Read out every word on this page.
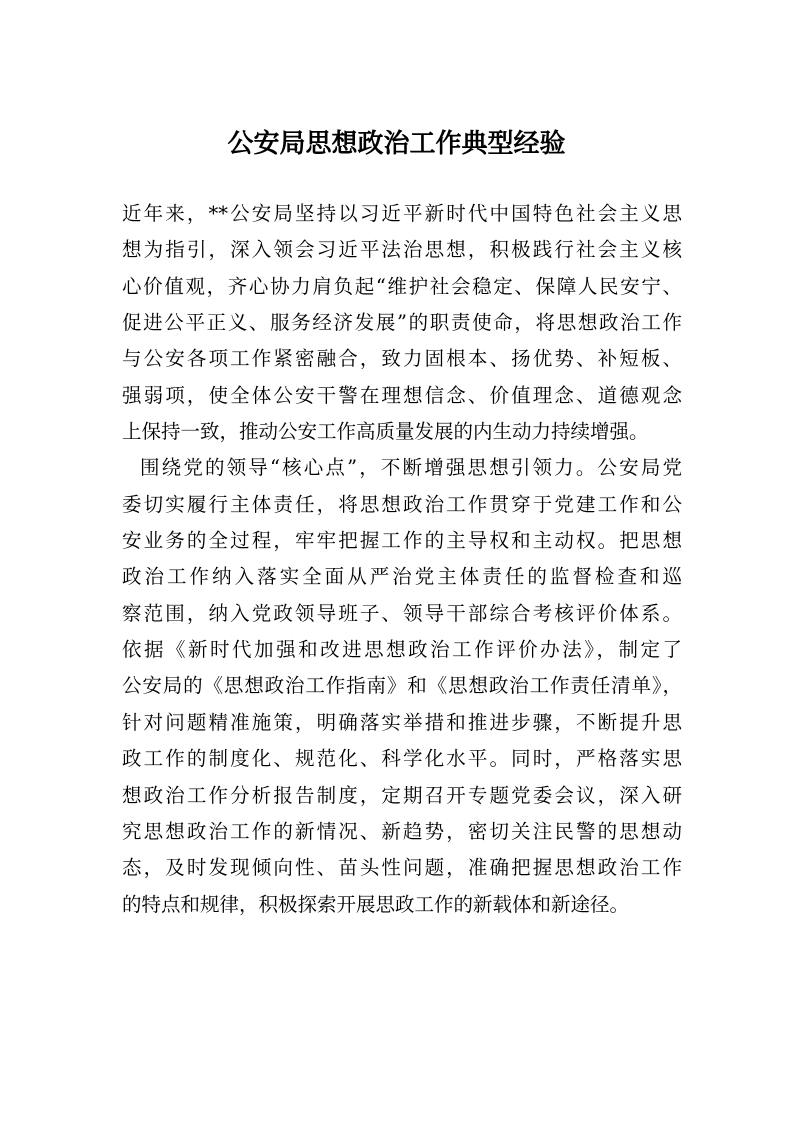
公安局思想政治工作典型经验
近年来，**公安局坚持以习近平新时代中国特色社会主义思
想为指引，深入领会习近平法治思想，积极践行社会主义核
心价值观，齐心协力肩负起“维护社会稳定、保障人民安宁、
促进公平正义、服务经济发展”的职责使命，将思想政治工作
与公安各项工作紧密融合，致力固根本、扬优势、补短板、
强弱项，使全体公安干警在理想信念、价值理念、道德观念
上保持一致，推动公安工作高质量发展的内生动力持续增强。
围绕党的领导“核心点”，不断增强思想引领力。公安局党
委切实履行主体责任，将思想政治工作贯穿于党建工作和公
安业务的全过程，牢牢把握工作的主导权和主动权。把思想
政治工作纳入落实全面从严治党主体责任的监督检查和巡
察范围，纳入党政领导班子、领导干部综合考核评价体系。
依据《新时代加强和改进思想政治工作评价办法》，制定了
公安局的《思想政治工作指南》和《思想政治工作责任清单》，
针对问题精准施策，明确落实举措和推进步骤，不断提升思
政工作的制度化、规范化、科学化水平。同时，严格落实思
想政治工作分析报告制度，定期召开专题党委会议，深入研
究思想政治工作的新情况、新趋势，密切关注民警的思想动
态，及时发现倾向性、苗头性问题，准确把握思想政治工作
的特点和规律，积极探索开展思政工作的新载体和新途径。
